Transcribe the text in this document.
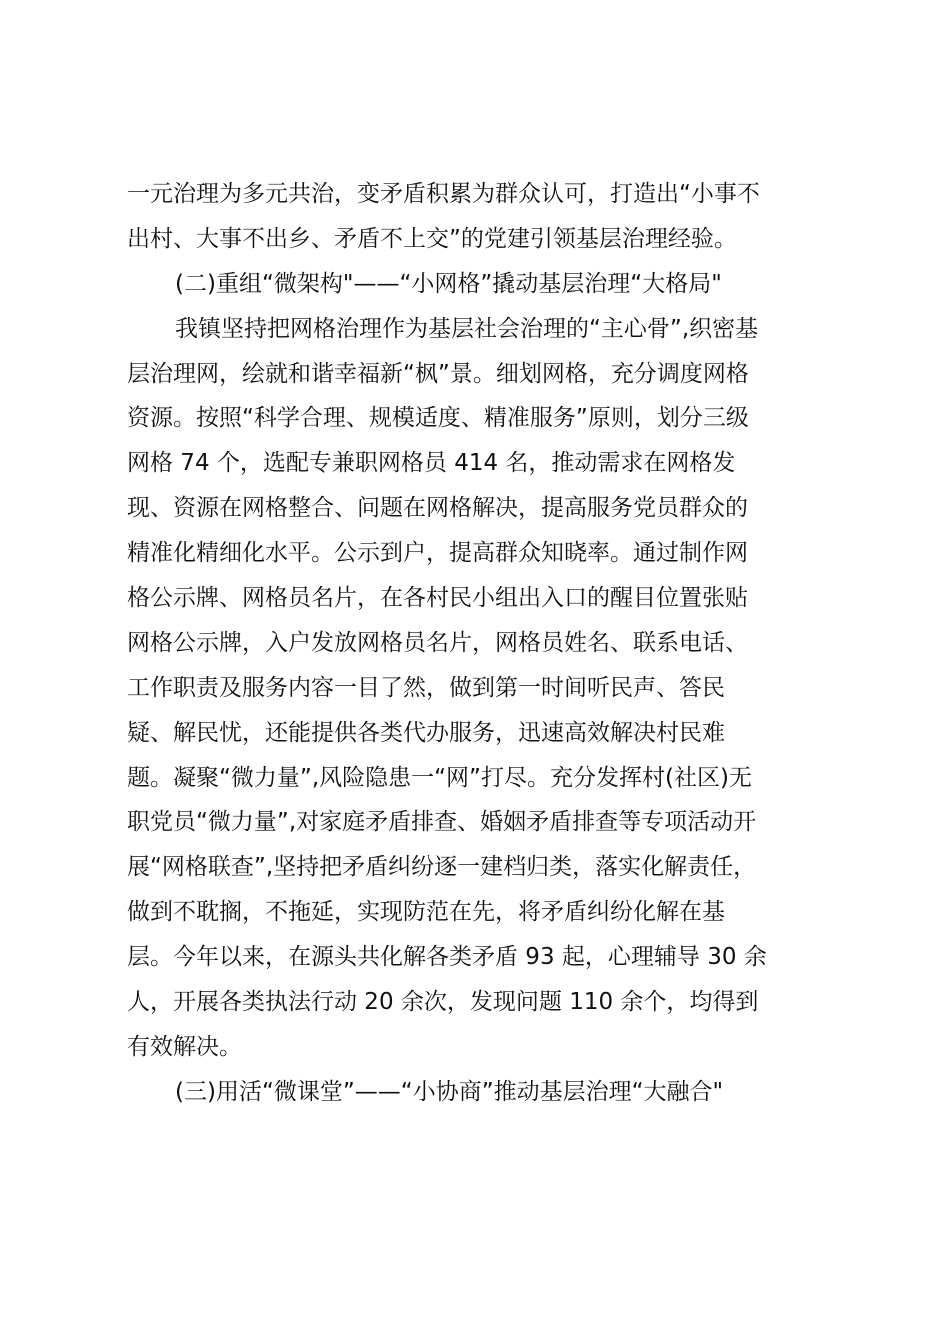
一元治理为多元共治，变矛盾积累为群众认可，打造出“小事不
出村、大事不出乡、矛盾不上交”的党建引领基层治理经验。
(二)重组“微架构"——“小网格”撬动基层治理“大格局"
我镇坚持把网格治理作为基层社会治理的“主心骨”,织密基
层治理网，绘就和谐幸福新“枫”景。细划网格，充分调度网格
资源。按照“科学合理、规模适度、精准服务”原则，划分三级
网格 74 个，选配专兼职网格员 414 名，推动需求在网格发
现、资源在网格整合、问题在网格解决，提高服务党员群众的
精准化精细化水平。公示到户，提高群众知晓率。通过制作网
格公示牌、网格员名片，在各村民小组出入口的醒目位置张贴
网格公示牌，入户发放网格员名片，网格员姓名、联系电话、
工作职责及服务内容一目了然，做到第一时间听民声、答民
疑、解民忧，还能提供各类代办服务，迅速高效解决村民难
题。凝聚“微力量”,风险隐患一“网”打尽。充分发挥村(社区)无
职党员“微力量”,对家庭矛盾排查、婚姻矛盾排查等专项活动开
展“网格联查”,坚持把矛盾纠纷逐一建档归类，落实化解责任，
做到不耽搁，不拖延，实现防范在先，将矛盾纠纷化解在基
层。今年以来，在源头共化解各类矛盾 93 起，心理辅导 30 余
人，开展各类执法行动 20 余次，发现问题 110 余个，均得到
有效解决。
(三)用活“微课堂”——“小协商”推动基层治理“大融合"
